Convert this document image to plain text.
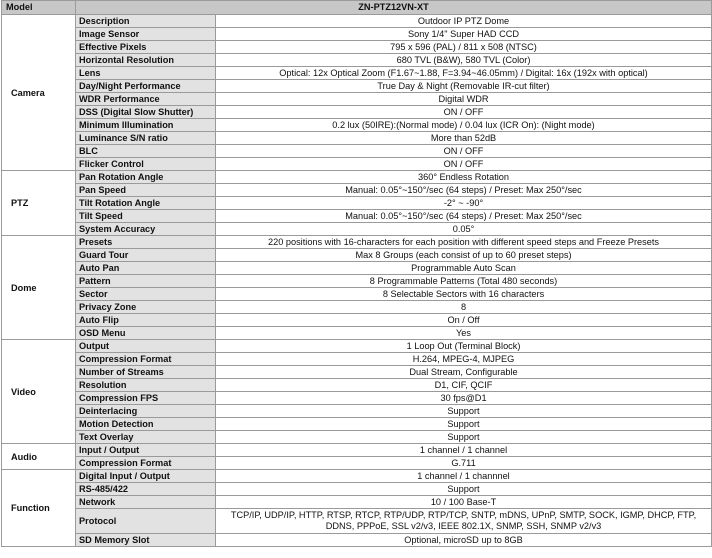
Model	ZN-PTZ12VN-XT	
Camera	Description	Outdoor IP PTZ Dome
	Image Sensor	Sony 1/4" Super HAD CCD
	Effective Pixels	795 x 596 (PAL) / 811 x 508 (NTSC)
	Horizontal Resolution	680 TVL (B&W), 580 TVL (Color)
	Lens	Optical: 12x Optical Zoom (F1.67~1.88, F=3.94~46.05mm) / Digital: 16x (192x with optical)
	Day/Night Performance	True Day & Night (Removable IR-cut filter)
	WDR Performance	Digital WDR
	DSS (Digital Slow Shutter)	ON / OFF
	Minimum Illumination	0.2 lux (50IRE):(Normal mode) / 0.04 lux (ICR On): (Night mode)
	Luminance S/N ratio	More than 52dB
	BLC	ON / OFF
	Flicker Control	ON / OFF
PTZ	Pan Rotation Angle	360° Endless Rotation
	Pan Speed	Manual: 0.05°~150°/sec (64 steps) / Preset: Max 250°/sec
	Tilt Rotation Angle	-2° ~ -90°
	Tilt Speed	Manual: 0.05°~150°/sec (64 steps) / Preset: Max 250°/sec
	System Accuracy	0.05°
Dome	Presets	220 positions with 16-characters for each position with different speed steps and Freeze Presets
	Guard Tour	Max 8 Groups (each consist of up to 60 preset steps)
	Auto Pan	Programmable Auto Scan
	Pattern	8 Programmable Patterns (Total 480 seconds)
	Sector	8 Selectable Sectors with 16 characters
	Privacy Zone	8
	Auto Flip	On / Off
	OSD Menu	Yes
Video	Output	1 Loop Out (Terminal Block)
	Compression Format	H.264, MPEG-4, MJPEG
	Number of Streams	Dual Stream, Configurable
	Resolution	D1, CIF, QCIF
	Compression FPS	30 fps@D1
	Deinterlacing	Support
	Motion Detection	Support
	Text Overlay	Support
Audio	Input / Output	1 channel / 1 channel
	Compression Format	G.711
Function	Digital Input / Output	1 channel / 1 channnel
	RS-485/422	Support
	Network	10 / 100 Base-T
	Protocol	TCP/IP, UDP/IP, HTTP, RTSP, RTCP, RTP/UDP, RTP/TCP, SNTP, mDNS, UPnP, SMTP, SOCK, IGMP, DHCP, FTP, DDNS, PPPoE, SSL v2/v3, IEEE 802.1X, SNMP, SSH, SNMP v2/v3
	SD Memory Slot	Optional, microSD up to 8GB
